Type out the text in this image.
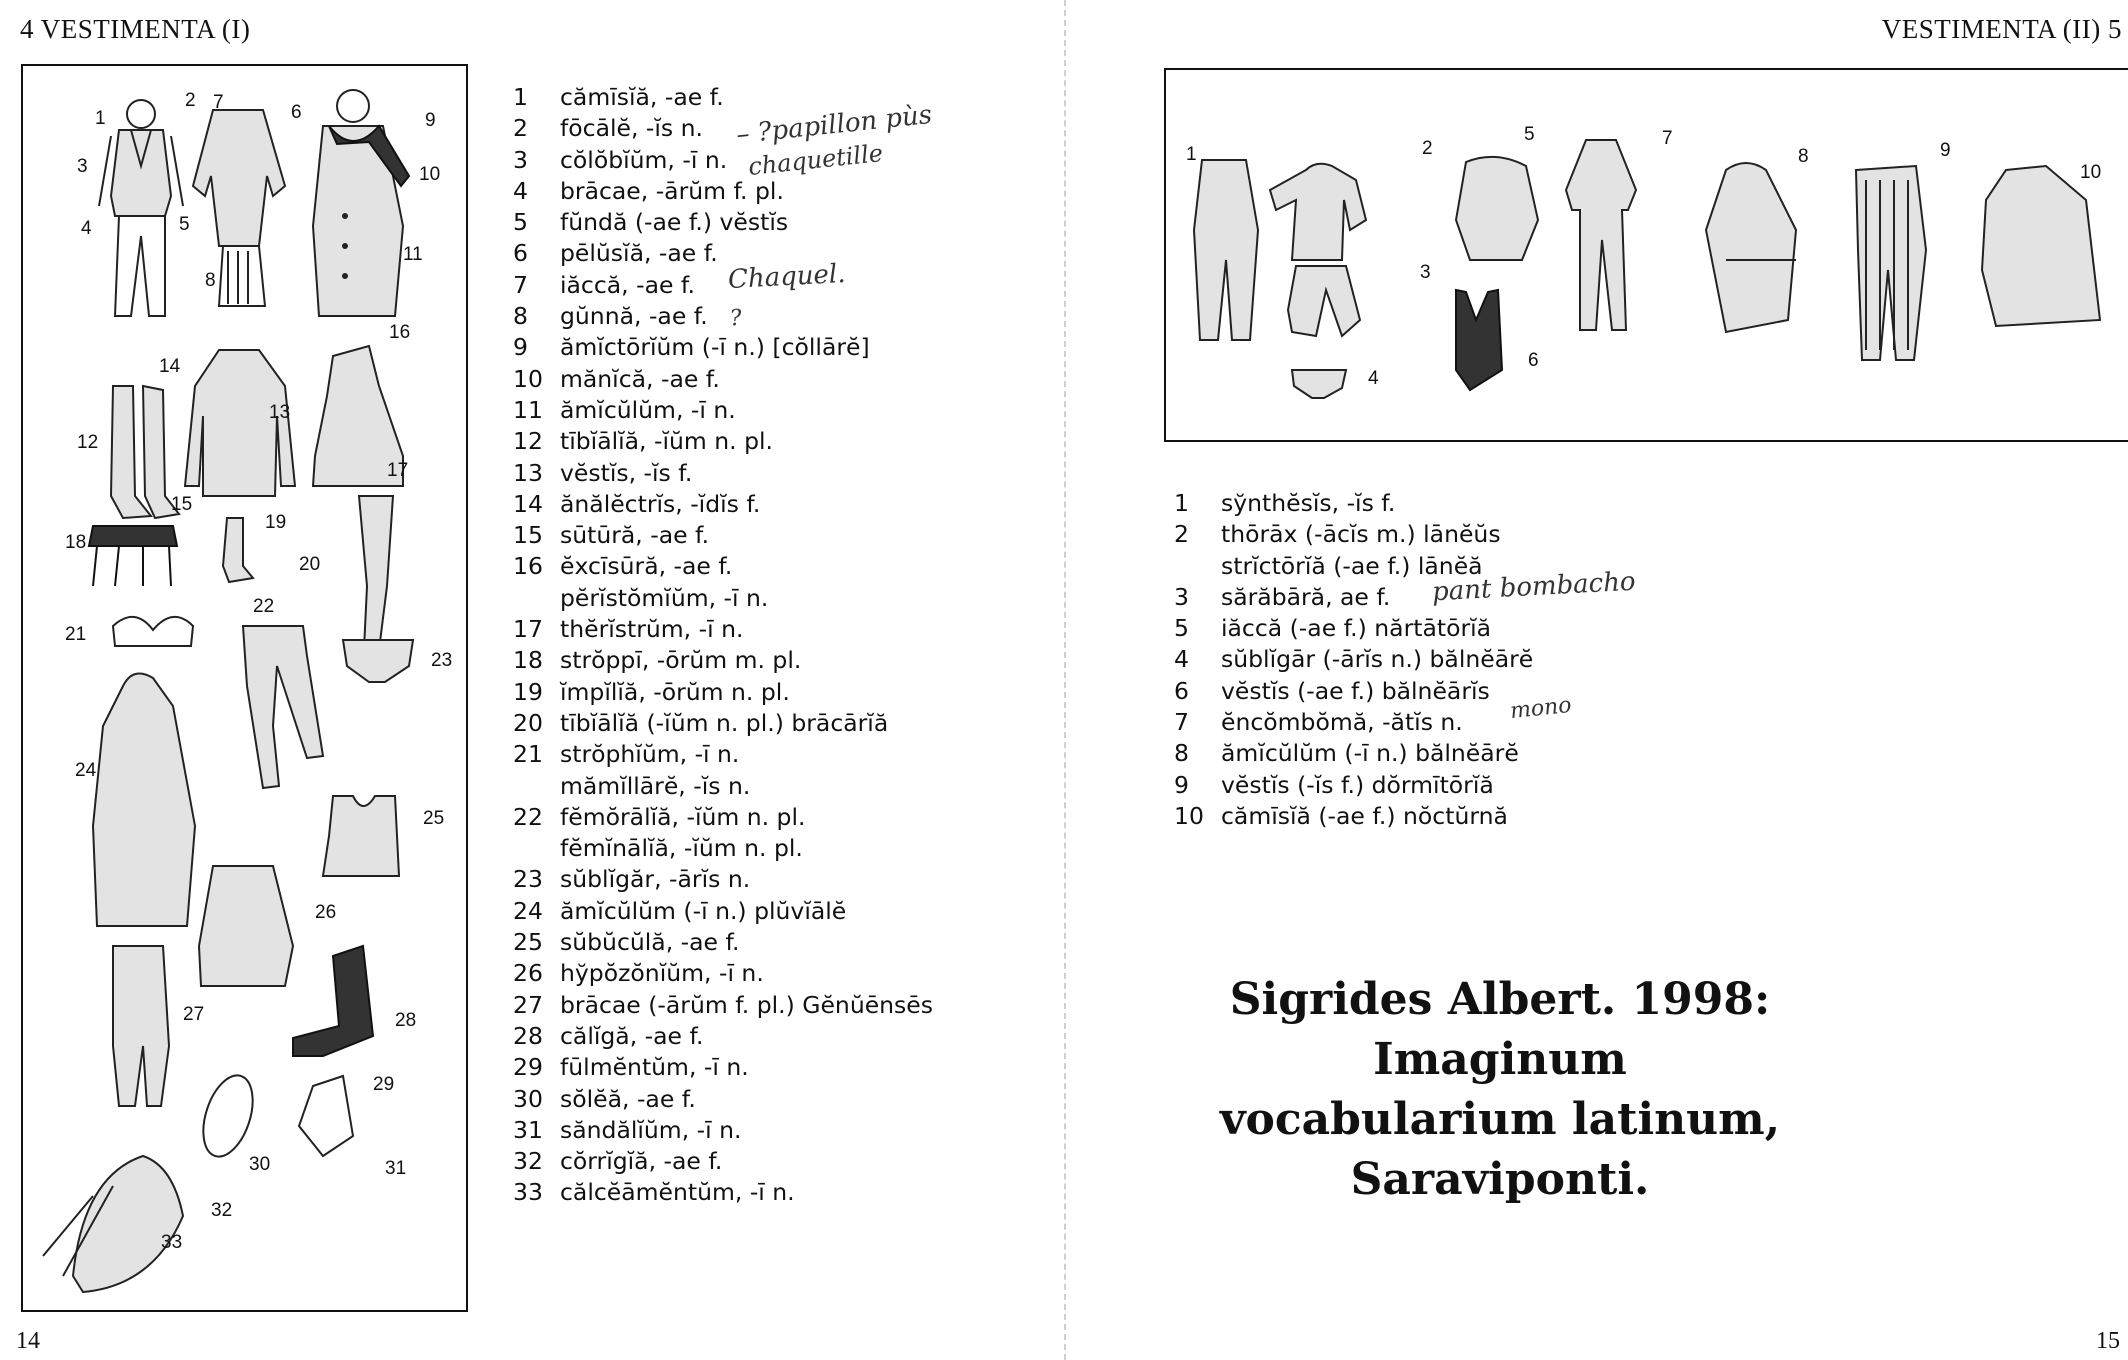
4 VESTIMENTA (I)	VESTIMENTA (II) 5
14	15
1
2
3
4	5
6
7
8
9
10
11
12
13
14
15
16
17
18
19
20
21
22
23
24
25
26
27	28
29
30	31
32
33
1	cămīsĭă, -ae f.
2	fōcālĕ, -ĭs n.
3	cŏlŏbĭŭm, -ī n.
4	brācae, -ārŭm f. pl.
5	fŭndă (-ae f.) vĕstĭs
6	pēlŭsĭă, -ae f.
7	iăccă, -ae f.
8	gŭnnă, -ae f.
9	ămĭctōrĭŭm (-ī n.) [cŏllārĕ]
10 mănĭcă, -ae f.
11 ămĭcŭlŭm, -ī n.
12 tībĭālĭă, -ĭŭm n. pl.
13 vĕstĭs, -ĭs f.
14 ănălĕctrĭs, -ĭdĭs f.
15 sūtūră, -ae f.
16 ĕxcīsūră, -ae f.
pĕrĭstŏmĭŭm, -ī n.
17 thĕrĭstrŭm, -ī n.
18 strŏppī, -ōrŭm m. pl.
19 ĭmpĭlĭă, -ōrŭm n. pl.
20 tībĭālĭă (-ĭŭm n. pl.) brācārĭă
21 strŏphĭŭm, -ī n.
mămĭllārĕ, -ĭs n.
22 fĕmŏrālĭă, -ĭŭm n. pl.
fĕmĭnālĭă, -ĭŭm n. pl.
23 sŭblĭgăr, -ārĭs n.
24 ămĭcŭlŭm (-ī n.) plŭvĭālĕ
25 sŭbŭcŭlă, -ae f.
26 hўpŏzŏnĭŭm, -ī n.
27 brācae (-ārŭm f. pl.) Gĕnŭēnsēs
28 călĭgă, -ae f.
29 fūlmĕntŭm, -ī n.
30 sŏlĕă, -ae f.
31 săndălĭŭm, -ī n.
32 cŏrrĭgĭă, -ae f.
33 călcĕāmĕntŭm, -ī n.
– ?papillon pùs
chaquetille
Chaquel.
?
1	2
3
4
5
6
7
8	9
10
1	sўnthĕsĭs, -ĭs f.
2	thōrāx (-ācĭs m.) lānĕŭs
strĭctōrĭă (-ae f.) lānĕă
3	sărăbāră, ae f.
5	iăccă (-ae f.) nărtātōrĭă
4	sŭblĭgār (-ārĭs n.) bălnĕārĕ
6	vĕstĭs (-ae f.) bălnĕārĭs
7	ĕncŏmbŏmă, -ătĭs n.
8	ămĭcŭlŭm (-ī n.) bălnĕārĕ
9	vĕstĭs (-ĭs f.) dŏrmītōrĭă
10 cămīsĭă (-ae f.) nŏctŭrnă
pant bombacho
mono
Sigrides Albert. 1998: Imaginum
vocabularium latinum, Saraviponti.
